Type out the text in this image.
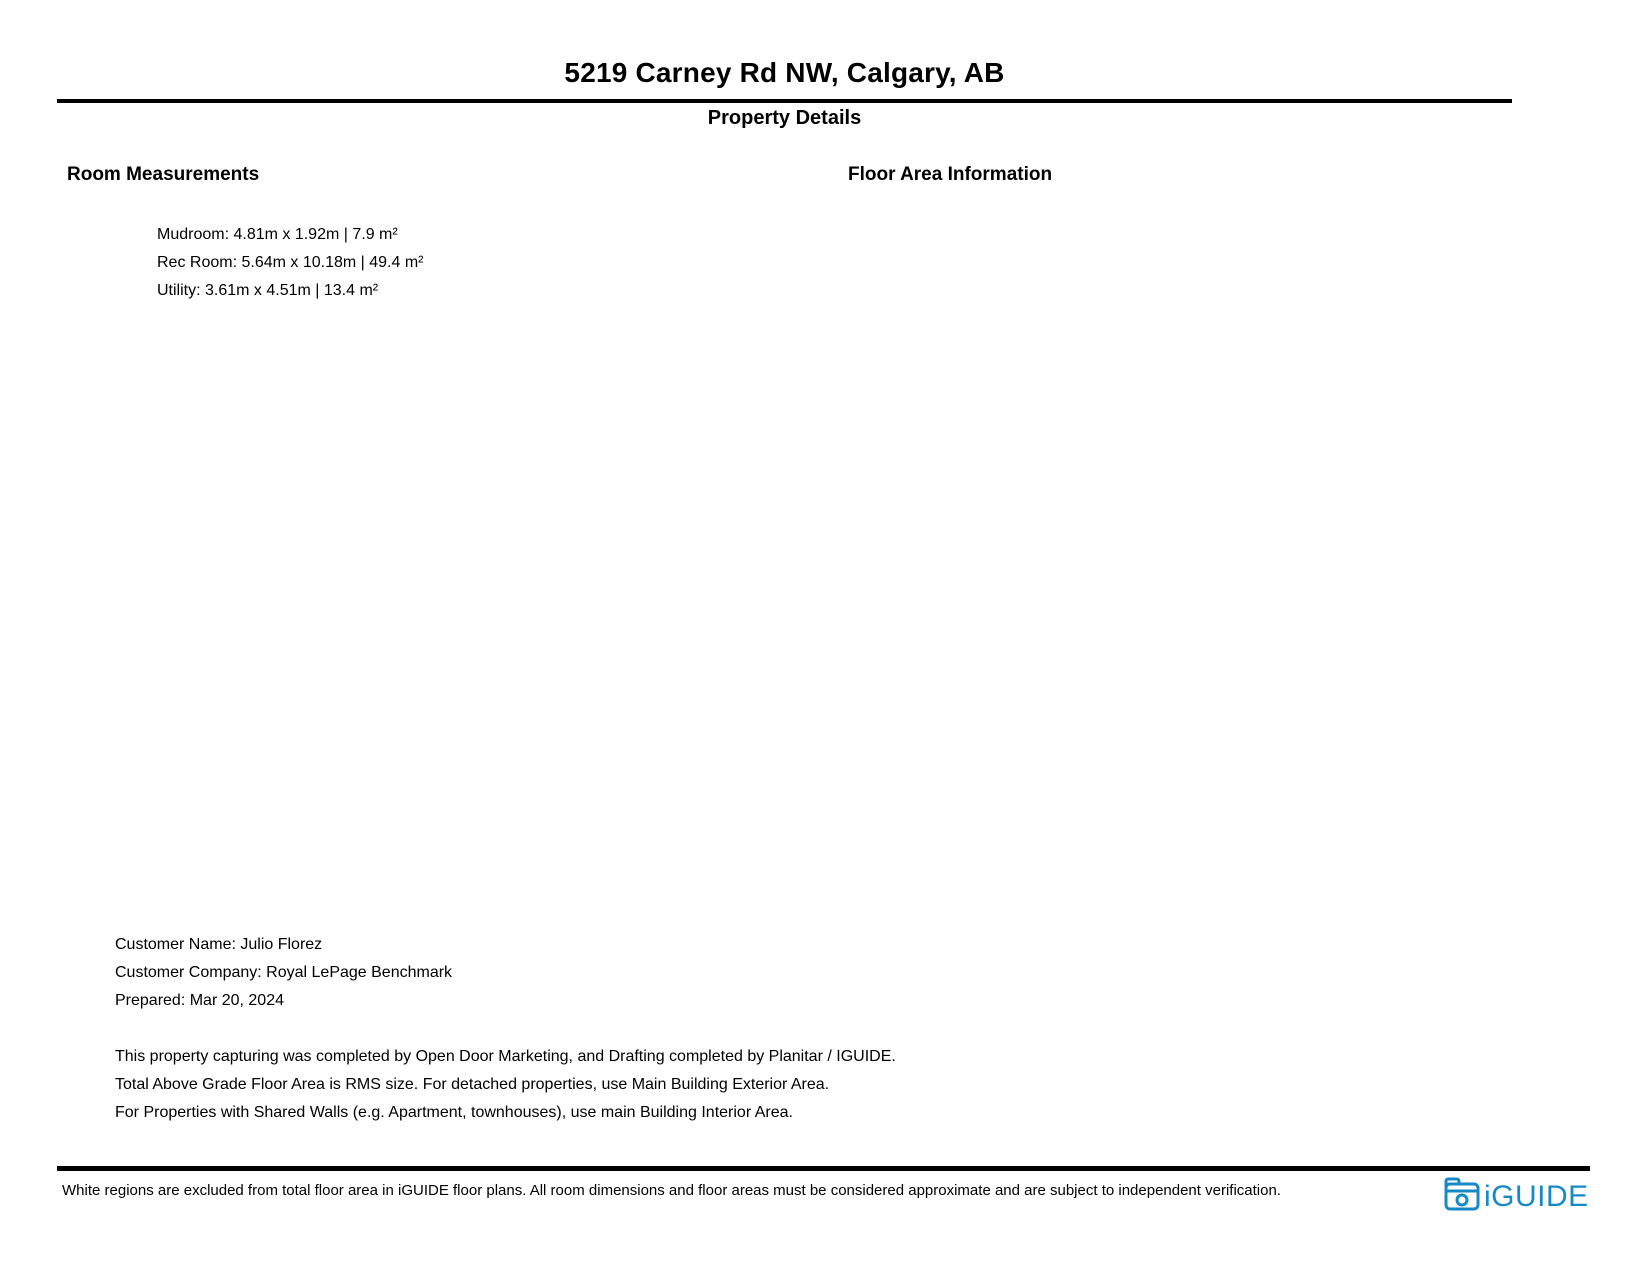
5219 Carney Rd NW, Calgary, AB
Property Details
Room Measurements	Floor Area Information
Mudroom: 4.81m x 1.92m | 7.9 m²
Rec Room: 5.64m x 10.18m | 49.4 m²
Utility: 3.61m x 4.51m | 13.4 m²
Customer Name: Julio Florez
Customer Company: Royal LePage Benchmark
Prepared: Mar 20, 2024
This property capturing was completed by Open Door Marketing, and Drafting completed by Planitar / IGUIDE.
Total Above Grade Floor Area is RMS size. For detached properties, use Main Building Exterior Area.
For Properties with Shared Walls (e.g. Apartment, townhouses), use main Building Interior Area.
White regions are excluded from total floor area in iGUIDE floor plans. All room dimensions and floor areas must be considered approximate and are subject to independent verification.	iGUIDE
